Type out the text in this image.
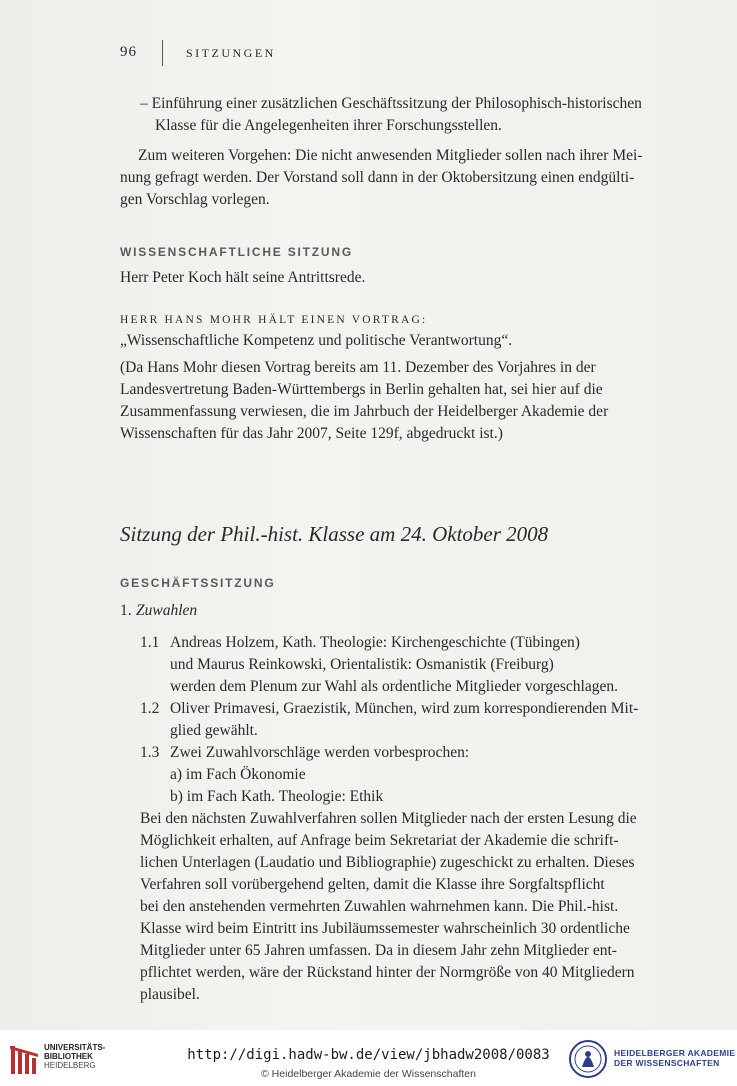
96	SITZUNGEN
– Einführung einer zusätzlichen Geschäftssitzung der Philosophisch-historischen
Klasse für die Angelegenheiten ihrer Forschungsstellen.
Zum weiteren Vorgehen: Die nicht anwesenden Mitglieder sollen nach ihrer Mei-
nung gefragt werden. Der Vorstand soll dann in der Oktobersitzung einen endgülti-
gen Vorschlag vorlegen.
WISSENSCHAFTLICHE SITZUNG
Herr Peter Koch hält seine Antrittsrede.
HERR HANS MOHR HÄLT EINEN VORTRAG:
„Wissenschaftliche Kompetenz und politische Verantwortung“.
(Da Hans Mohr diesen Vortrag bereits am 11. Dezember des Vorjahres in der
Landesvertretung Baden-Württembergs in Berlin gehalten hat, sei hier auf die
Zusammenfassung verwiesen, die im Jahrbuch der Heidelberger Akademie der
Wissenschaften für das Jahr 2007, Seite 129f, abgedruckt ist.)
Sitzung der Phil.-hist. Klasse am 24. Oktober 2008
GESCHÄFTSSITZUNG
1. Zuwahlen
1.1 Andreas Holzem, Kath. Theologie: Kirchengeschichte (Tübingen)
und Maurus Reinkowski, Orientalistik: Osmanistik (Freiburg)
werden dem Plenum zur Wahl als ordentliche Mitglieder vorgeschlagen.
1.2 Oliver Primavesi, Graezistik, München, wird zum korrespondierenden Mit-
glied gewählt.
1.3 Zwei Zuwahlvorschläge werden vorbesprochen:
a) im Fach Ökonomie
b) im Fach Kath. Theologie: Ethik
Bei den nächsten Zuwahlverfahren sollen Mitglieder nach der ersten Lesung die
Möglichkeit erhalten, auf Anfrage beim Sekretariat der Akademie die schrift-
lichen Unterlagen (Laudatio und Bibliographie) zugeschickt zu erhalten. Dieses
Verfahren soll vorübergehend gelten, damit die Klasse ihre Sorgfaltspflicht
bei den anstehenden vermehrten Zuwahlen wahrnehmen kann. Die Phil.-hist.
Klasse wird beim Eintritt ins Jubiläumssemester wahrscheinlich 30 ordentliche
Mitglieder unter 65 Jahren umfassen. Da in diesem Jahr zehn Mitglieder ent-
pflichtet werden, wäre der Rückstand hinter der Normgröße von 40 Mitgliedern
plausibel.
UNIVERSITÄTS-
BIBLIOTHEK
HEIDELBERG
http://digi.hadw-bw.de/view/jbhadw2008/0083
© Heidelberger Akademie der Wissenschaften
HEIDELBERGER AKADEMIE
DER WISSENSCHAFTEN
